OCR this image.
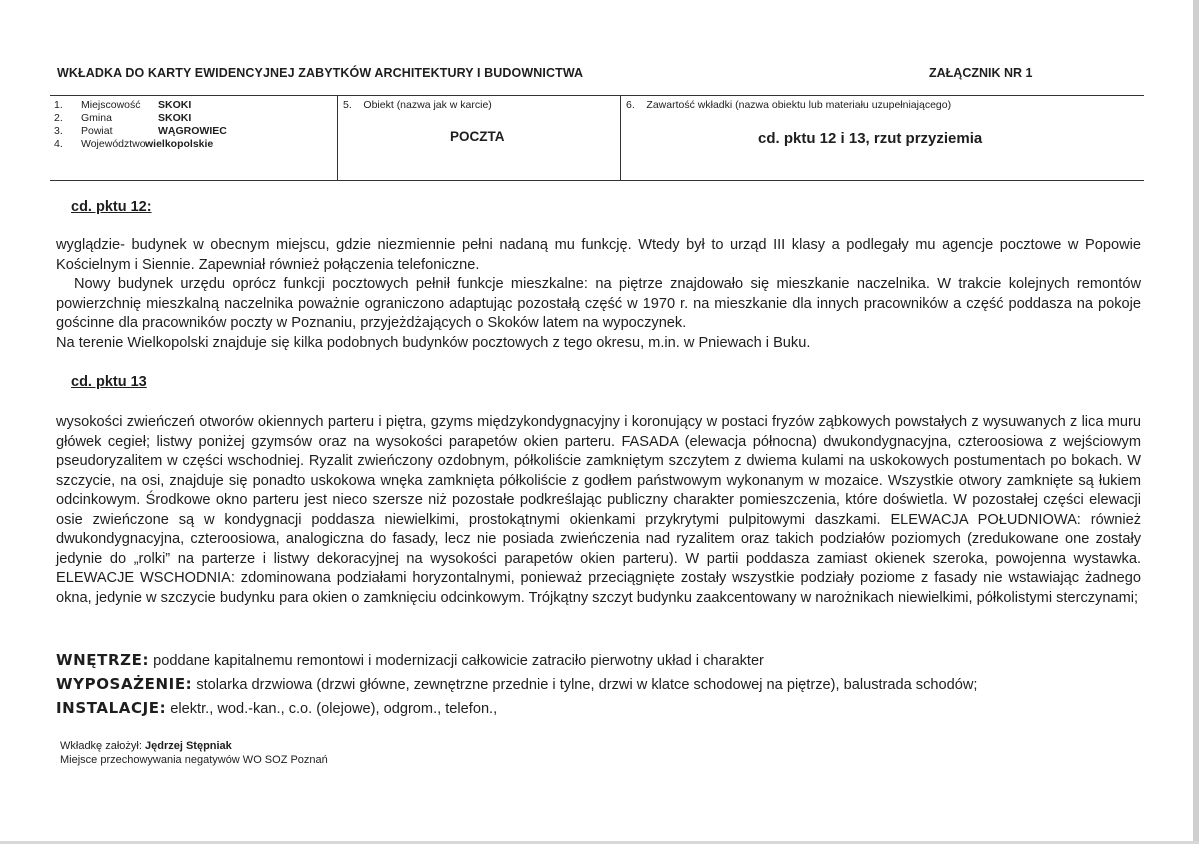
WKŁADKA DO KARTY EWIDENCYJNEJ ZABYTKÓW ARCHITEKTURY I BUDOWNICTWA	ZAŁĄCZNIK NR 1
1.	Miejscowość	SKOKI
2.	Gmina	SKOKI
3.	Powiat	WĄGROWIEC
4.	Województwo wielkopolskie
5.    Obiekt (nazwa jak w karcie)
POCZTA
6.    Zawartość wkładki (nazwa obiektu lub materiału uzupełniającego)
cd. pktu 12 i 13, rzut przyziemia
cd. pktu 12:

wyglądzie- budynek w obecnym miejscu, gdzie niezmiennie pełni nadaną mu funkcję. Wtedy był to urząd III klasy a podlegały mu agencje pocztowe w Popowie Kościelnym i Siennie. Zapewniał również połączenia telefoniczne.

Nowy budynek urzędu oprócz funkcji pocztowych pełnił funkcje mieszkalne: na piętrze znajdowało się mieszkanie naczelnika. W trakcie kolejnych remontów powierzchnię mieszkalną naczelnika poważnie ograniczono adaptując pozostałą część w 1970 r. na mieszkanie dla innych pracowników a część poddasza na pokoje gościnne dla pracowników poczty w Poznaniu, przyjeżdżających o Skoków latem na wypoczynek.

Na terenie Wielkopolski znajduje się kilka podobnych budynków pocztowych z tego okresu, m.in. w Pniewach i Buku.

cd. pktu 13

wysokości zwieńczeń otworów okiennych parteru i piętra, gzyms międzykondygnacyjny i koronujący w postaci fryzów ząbkowych powstałych z wysuwanych z lica muru główek cegieł; listwy poniżej gzymsów oraz na wysokości parapetów okien parteru. FASADA (elewacja północna) dwukondygnacyjna, czteroosiowa z wejściowym pseudoryzalitem w części wschodniej. Ryzalit zwieńczony ozdobnym, półkoliście zamkniętym szczytem z dwiema kulami na uskokowych postumentach po bokach. W szczycie, na osi, znajduje się ponadto uskokowa wnęka zamknięta półkoliście z godłem państwowym wykonanym w mozaice. Wszystkie otwory zamknięte są łukiem odcinkowym. Środkowe okno parteru jest nieco szersze niż pozostałe podkreślając publiczny charakter pomieszczenia, które doświetla. W pozostałej części elewacji osie zwieńczone są w kondygnacji poddasza niewielkimi, prostokątnymi okienkami przykrytymi pulpitowymi daszkami. ELEWACJA POŁUDNIOWA: również dwukondygnacyjna, czteroosiowa, analogiczna do fasady, lecz nie posiada zwieńczenia nad ryzalitem oraz takich podziałów poziomych (zredukowane one zostały jedynie do „rolki” na parterze i listwy dekoracyjnej na wysokości parapetów okien parteru). W partii poddasza zamiast okienek szeroka, powojenna wystawka. ELEWACJE WSCHODNIA: zdominowana podziałami horyzontalnymi, ponieważ przeciągnięte zostały wszystkie podziały poziome z fasady nie wstawiając żadnego okna, jedynie w szczycie budynku para okien o zamknięciu odcinkowym. Trójkątny szczyt budynku zaakcentowany w narożnikach niewielkimi, półkolistymi sterczynami;

WNĘTRZE: poddane kapitalnemu remontowi i modernizacji całkowicie zatraciło pierwotny układ i charakter
WYPOSAŻENIE: stolarka drzwiowa (drzwi główne, zewnętrzne przednie i tylne, drzwi w klatce schodowej na piętrze), balustrada schodów;
INSTALACJE: elektr., wod.-kan., c.o. (olejowe), odgrom., telefon.,
Wkładkę założył: Jędrzej Stępniak
Miejsce przechowywania negatywów WO SOZ Poznań
